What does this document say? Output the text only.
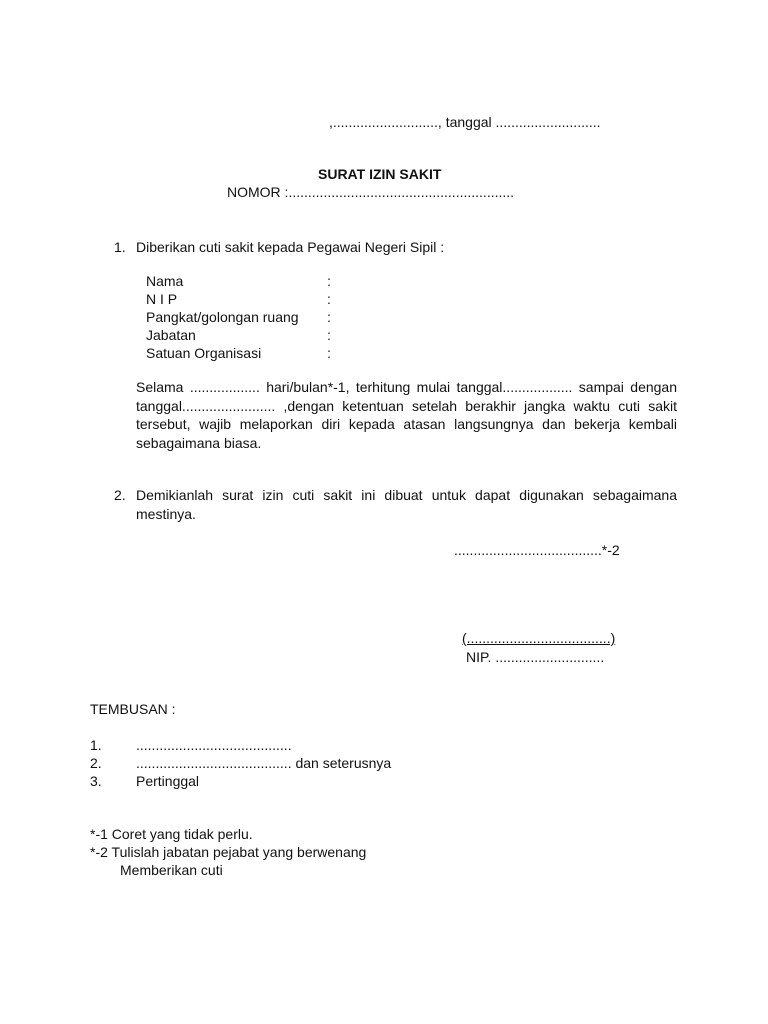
,..........................., tanggal ...........................
SURAT IZIN SAKIT
NOMOR :..........................................................
1. Diberikan cuti sakit kepada Pegawai Negeri Sipil :
Nama	:
N I P	:
Pangkat/golongan ruang :
Jabatan	:
Satuan Organisasi	:
Selama .................. hari/bulan*-1, terhitung mulai tanggal.................. sampai dengan tanggal........................ ,dengan ketentuan setelah berakhir jangka waktu cuti sakit tersebut, wajib melaporkan diri kepada atasan langsungnya dan bekerja kembali sebagaimana biasa.
2. Demikianlah surat izin cuti sakit ini dibuat untuk dapat digunakan sebagaimana mestinya.
......................................*-2
(.....................................)
NIP. ............................
TEMBUSAN :
1. ........................................
2. ........................................ dan seterusnya
3. Pertinggal
*-1 Coret yang tidak perlu.
*-2 Tulislah jabatan pejabat yang berwenang
Memberikan cuti
